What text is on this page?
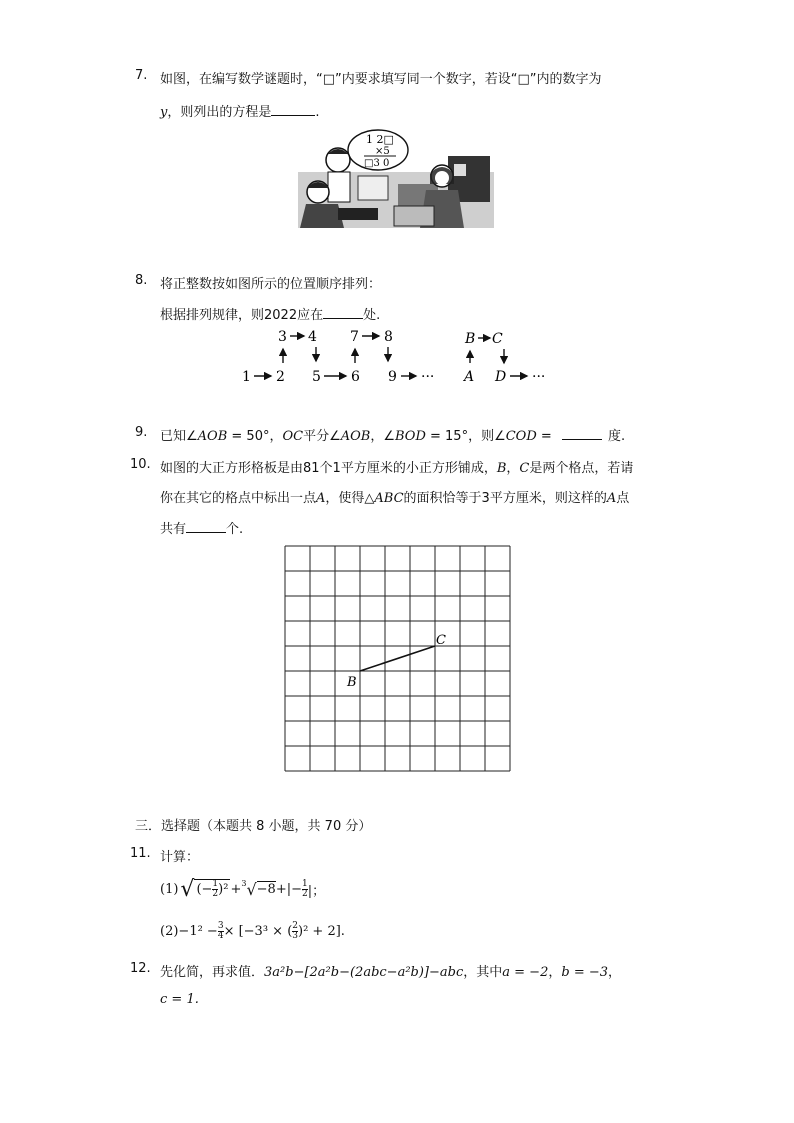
7. 如图，在编写数学谜题时，“□”内要求填写同一个数字，若设“□”内的数字为
y，则列出的方程是	.
1 2□
×5
□3 0
8. 将正整数按如图所示的位置顺序排列：
根据排列规律，则2022应在	处.
3 4 7 8	B C
1 2 5 6 9 ··· A D ···
9. 已知∠AOB = 50°，OC平分∠AOB，∠BOD = 15°，则∠COD =	度.
10. 如图的大正方形格板是由81个1平方厘米的小正方形铺成，B，C是两个格点，若请
你在其它的格点中标出一点A，使得△ABC的面积恰等于3平方厘米，则这样的A点
共有	个.
B
C
三．选择题（本题共 8 小题，共 70 分）
11. 计算：
(1) √ (− $\frac{1}{2} )^2 + 3$ √ −8 +|− $\frac{1}{2}$ |；
$(2) -1^2 - \frac{3}{4} \times [-3^3$ × ( $\frac{2}{3} )^2 + 2$].
12. 先化简，再求值．3a²b−[2a²b−(2abc−a²b)]−abc，其中a = −2，b = −3，
c = 1.
